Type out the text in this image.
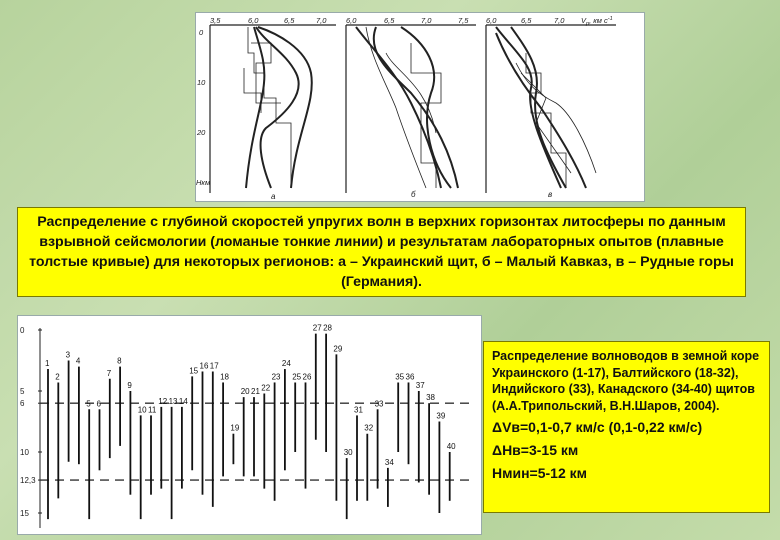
3,5	6,0	6,5	7,0	6,0	6,5	7,0	7,5 6,0	6,5	7,0 $V_р$, км $с^{-1}$
0
10
20
Нкм
а	б	в
Распределение с глубиной скоростей упругих волн в верхних горизонтах литосферы по данным взрывной сейсмологии (ломаные тонкие линии) и результатам лабораторных опытов (плавные толстые кривые) для некоторых регионов: а – Украинский щит, б – Малый Кавказ, в – Рудные горы (Германия).
0
5
6
10
12,3
15
1
2
3
4
5 6
7
8
9
10 11
12 13 14
15
16 17
18
19
20 21 22
23
24
25 26
27 28
29
30
31
32
33
34
35 36
37
38
39
40
Распределение волноводов в земной коре Украинского (1-17), Балтийского (18-32), Индийского (33), Канадского (34-40) щитов (А.А.Трипольский, В.Н.Шаров, 2004).
ΔVв=0,1-0,7 км/с (0,1-0,22 км/с)
ΔНв=3-15 км
Нмин=5-12 км
